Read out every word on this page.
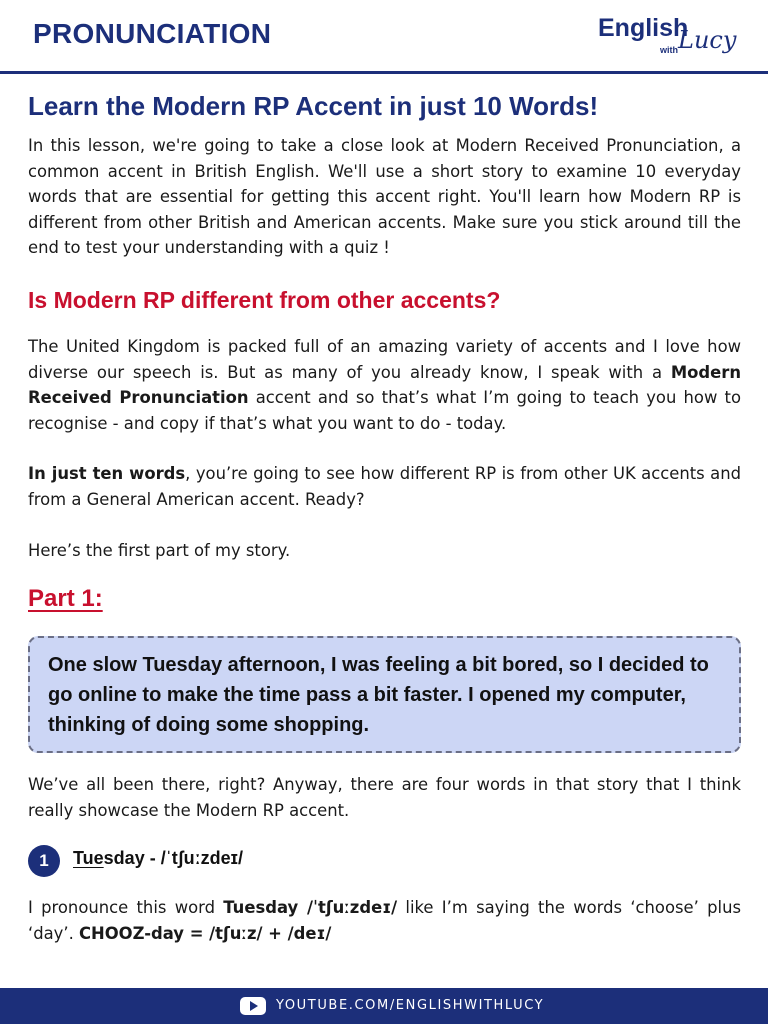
PRONUNCIATION	English
with Lucy
Learn the Modern RP Accent in just 10 Words!

In this lesson, we're going to take a close look at Modern Received Pronunciation, a common accent in British English. We'll use a short story to examine 10 everyday words that are essential for getting this accent right. You'll learn how Modern RP is different from other British and American accents. Make sure you stick around till the end to test your understanding with a quiz !

Is Modern RP different from other accents?

The United Kingdom is packed full of an amazing variety of accents and I love how diverse our speech is. But as many of you already know, I speak with a Modern Received Pronunciation accent and so that’s what I’m going to teach you how to recognise - and copy if that’s what you want to do - today.

In just ten words, you’re going to see how different RP is from other UK accents and from a General American accent. Ready?

Here’s the first part of my story.

Part 1:
One slow Tuesday afternoon, I was feeling a bit bored, so I decided to go online to make the time pass a bit faster. I opened my computer, thinking of doing some shopping.

We’ve all been there, right? Anyway, there are four words in that story that I think really showcase the Modern RP accent.

1	Tuesday - /ˈtʃuːzdeɪ/

I pronounce this word Tuesday /ˈtʃuːzdeɪ/ like I’m saying the words ‘choose’ plus ‘day’. CHOOZ-day = /tʃuːz/ + /deɪ/

YOUTUBE.COM/ENGLISHWITHLUCY
